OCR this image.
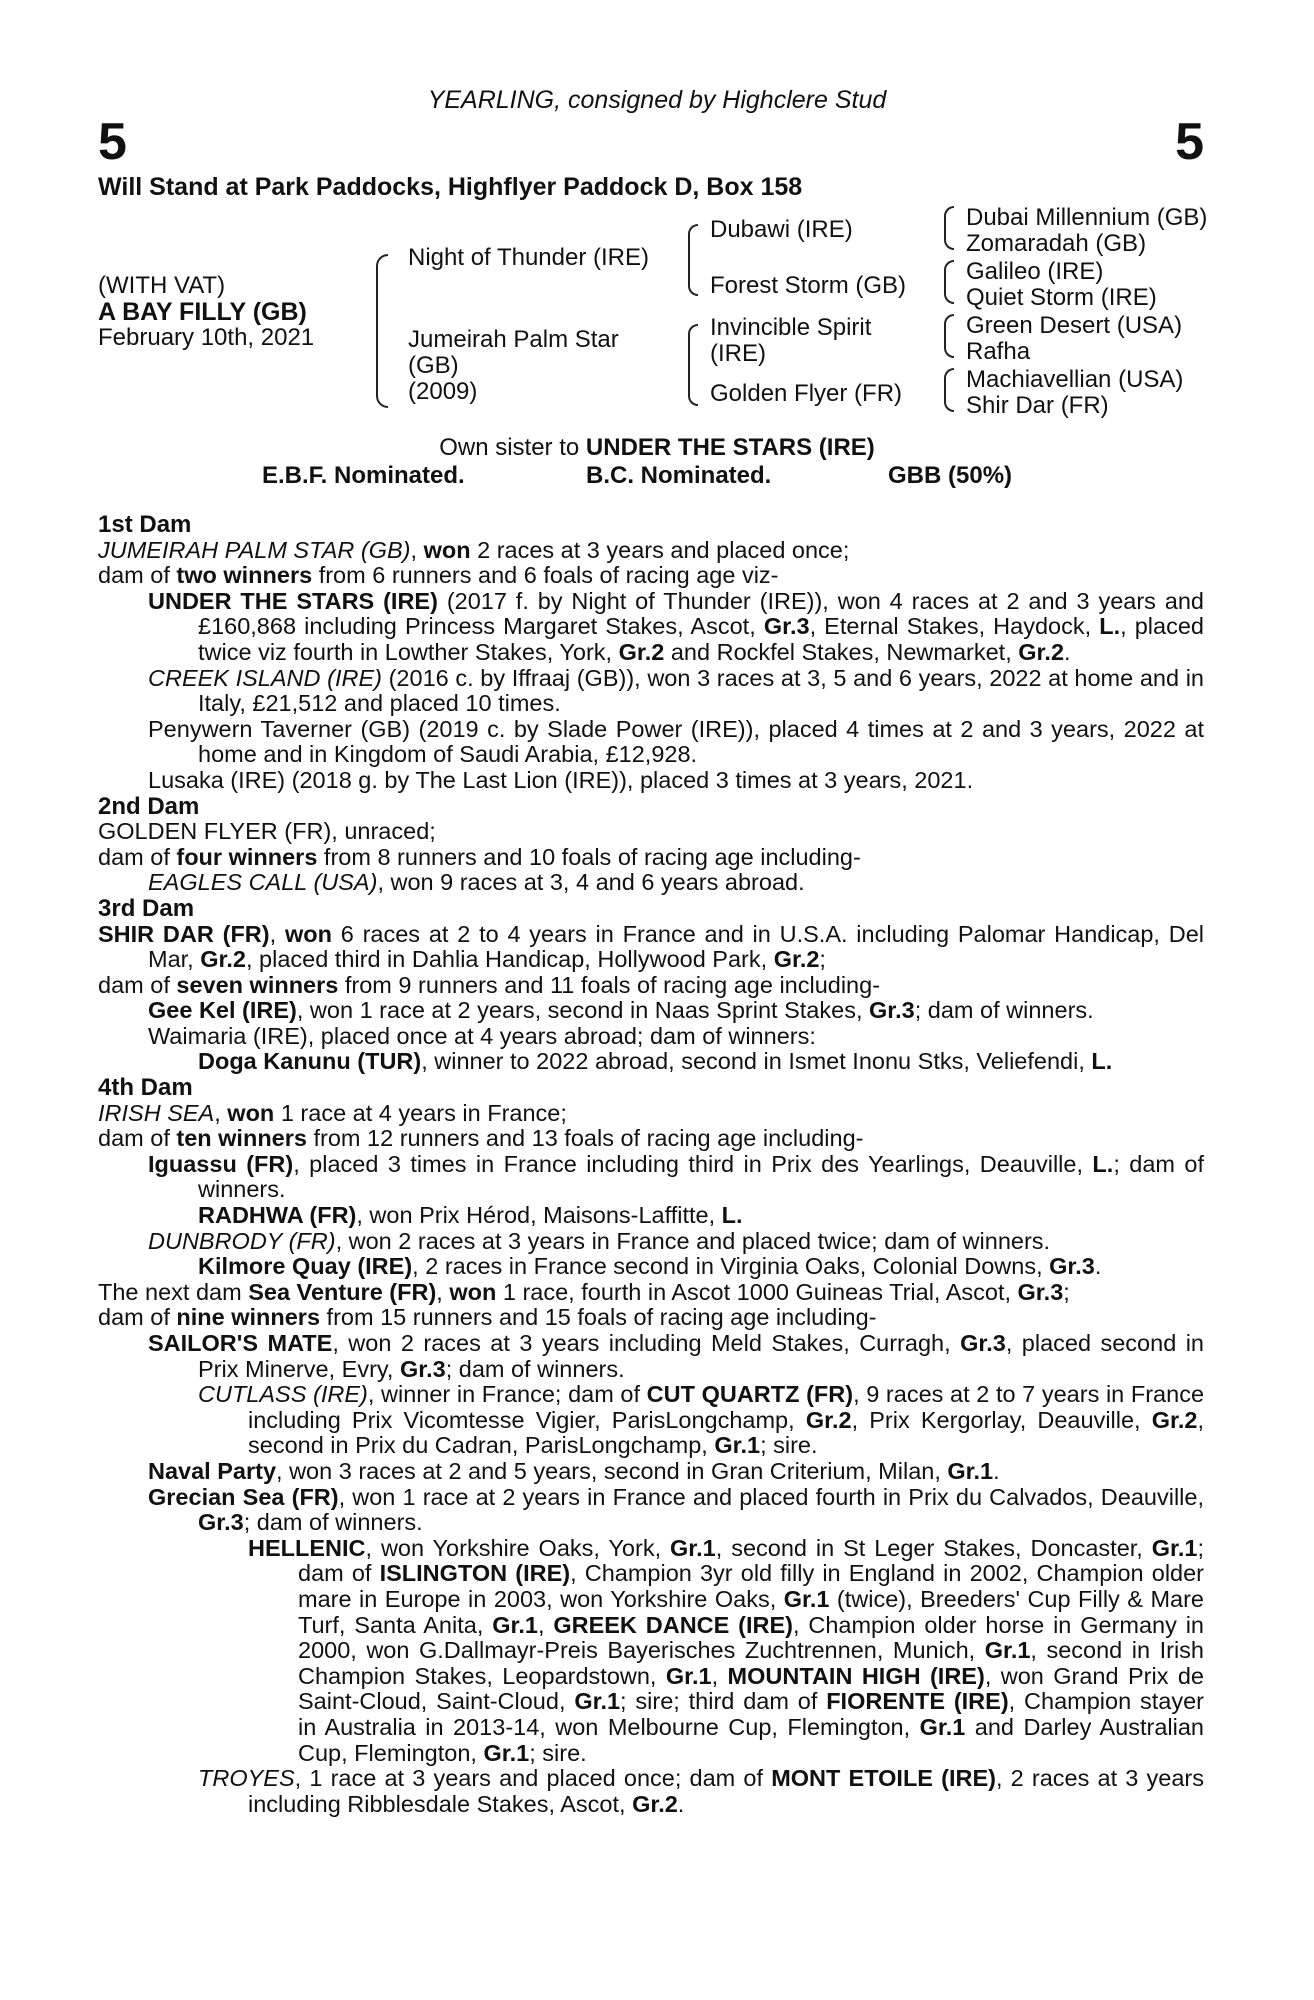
YEARLING, consigned by Highclere Stud
5	5
Will Stand at Park Paddocks, Highflyer Paddock D, Box 158
(WITH VAT)
A BAY FILLY (GB)
February 10th, 2021
Night of Thunder (IRE)
Jumeirah Palm Star
(GB)
(2009)
Dubawi (IRE)
Forest Storm (GB)
Invincible Spirit
(IRE)
Golden Flyer (FR)
Dubai Millennium (GB)
Zomaradah (GB)
Galileo (IRE)
Quiet Storm (IRE)
Green Desert (USA)
Rafha
Machiavellian (USA)
Shir Dar (FR)
Own sister to UNDER THE STARS (IRE)
E.B.F. Nominated.	B.C. Nominated.	GBB (50%)

1st Dam

JUMEIRAH PALM STAR (GB), won 2 races at 3 years and placed once;

dam of two winners from 6 runners and 6 foals of racing age viz-

UNDER THE STARS (IRE) (2017 f. by Night of Thunder (IRE)), won 4 races at 2 and 3 years and £160,868 including Princess Margaret Stakes, Ascot, Gr.3, Eternal Stakes, Haydock, L., placed twice viz fourth in Lowther Stakes, York, Gr.2 and Rockfel Stakes, Newmarket, Gr.2.

CREEK ISLAND (IRE) (2016 c. by Iffraaj (GB)), won 3 races at 3, 5 and 6 years, 2022 at home and in Italy, £21,512 and placed 10 times.

Penywern Taverner (GB) (2019 c. by Slade Power (IRE)), placed 4 times at 2 and 3 years, 2022 at home and in Kingdom of Saudi Arabia, £12,928.

Lusaka (IRE) (2018 g. by The Last Lion (IRE)), placed 3 times at 3 years, 2021.

2nd Dam

GOLDEN FLYER (FR), unraced;

dam of four winners from 8 runners and 10 foals of racing age including-

EAGLES CALL (USA), won 9 races at 3, 4 and 6 years abroad.

3rd Dam

SHIR DAR (FR), won 6 races at 2 to 4 years in France and in U.S.A. including Palomar Handicap, Del Mar, Gr.2, placed third in Dahlia Handicap, Hollywood Park, Gr.2;

dam of seven winners from 9 runners and 11 foals of racing age including-

Gee Kel (IRE), won 1 race at 2 years, second in Naas Sprint Stakes, Gr.3; dam of winners.

Waimaria (IRE), placed once at 4 years abroad; dam of winners:

Doga Kanunu (TUR), winner to 2022 abroad, second in Ismet Inonu Stks, Veliefendi, L.

4th Dam

IRISH SEA, won 1 race at 4 years in France;

dam of ten winners from 12 runners and 13 foals of racing age including-

Iguassu (FR), placed 3 times in France including third in Prix des Yearlings, Deauville, L.; dam of winners.

RADHWA (FR), won Prix Hérod, Maisons-Laffitte, L.

DUNBRODY (FR), won 2 races at 3 years in France and placed twice; dam of winners.

Kilmore Quay (IRE), 2 races in France second in Virginia Oaks, Colonial Downs, Gr.3.

The next dam Sea Venture (FR), won 1 race, fourth in Ascot 1000 Guineas Trial, Ascot, Gr.3;

dam of nine winners from 15 runners and 15 foals of racing age including-

SAILOR'S MATE, won 2 races at 3 years including Meld Stakes, Curragh, Gr.3, placed second in Prix Minerve, Evry, Gr.3; dam of winners.

CUTLASS (IRE), winner in France; dam of CUT QUARTZ (FR), 9 races at 2 to 7 years in France including Prix Vicomtesse Vigier, ParisLongchamp, Gr.2, Prix Kergorlay, Deauville, Gr.2, second in Prix du Cadran, ParisLongchamp, Gr.1; sire.

Naval Party, won 3 races at 2 and 5 years, second in Gran Criterium, Milan, Gr.1.

Grecian Sea (FR), won 1 race at 2 years in France and placed fourth in Prix du Calvados, Deauville, Gr.3; dam of winners.

HELLENIC, won Yorkshire Oaks, York, Gr.1, second in St Leger Stakes, Doncaster, Gr.1; dam of ISLINGTON (IRE), Champion 3yr old filly in England in 2002, Champion older mare in Europe in 2003, won Yorkshire Oaks, Gr.1 (twice), Breeders' Cup Filly & Mare Turf, Santa Anita, Gr.1, GREEK DANCE (IRE), Champion older horse in Germany in 2000, won G.Dallmayr-Preis Bayerisches Zuchtrennen, Munich, Gr.1, second in Irish Champion Stakes, Leopardstown, Gr.1, MOUNTAIN HIGH (IRE), won Grand Prix de Saint-Cloud, Saint-Cloud, Gr.1; sire; third dam of FIORENTE (IRE), Champion stayer in Australia in 2013-14, won Melbourne Cup, Flemington, Gr.1 and Darley Australian Cup, Flemington, Gr.1; sire.

TROYES, 1 race at 3 years and placed once; dam of MONT ETOILE (IRE), 2 races at 3 years including Ribblesdale Stakes, Ascot, Gr.2.
